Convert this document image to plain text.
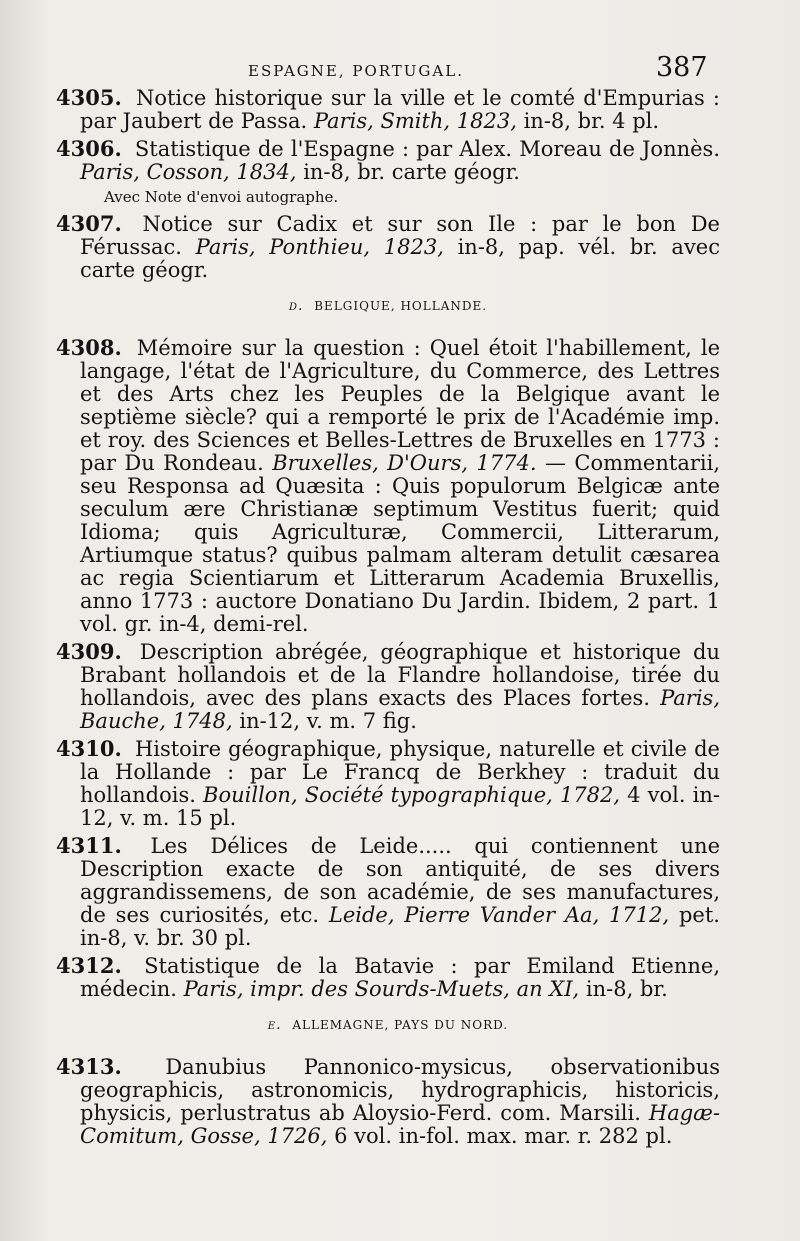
ESPAGNE, PORTUGAL.	387

4305. Notice historique sur la ville et le comté d'Empurias : par Jaubert de Passa. Paris, Smith, 1823, in-8, br. 4 pl.

4306. Statistique de l'Espagne : par Alex. Moreau de Jonnès. Paris, Cosson, 1834, in-8, br. carte géogr.

Avec Note d'envoi autographe.

4307. Notice sur Cadix et sur son Ile : par le bon De Férussac. Paris, Ponthieu, 1823, in-8, pap. vél. br. avec carte géogr.

d. BELGIQUE, HOLLANDE.

4308. Mémoire sur la question : Quel étoit l'habillement, le langage, l'état de l'Agriculture, du Commerce, des Lettres et des Arts chez les Peuples de la Belgique avant le septième siècle? qui a remporté le prix de l'Académie imp. et roy. des Sciences et Belles-Lettres de Bruxelles en 1773 : par Du Rondeau. Bruxelles, D'Ours, 1774. — Commentarii, seu Responsa ad Quæsita : Quis populorum Belgicæ ante seculum ære Christianæ septimum Vestitus fuerit; quid Idioma; quis Agriculturæ, Commercii, Litterarum, Artiumque status? quibus palmam alteram detulit cæsarea ac regia Scientiarum et Litterarum Academia Bruxellis, anno 1773 : auctore Donatiano Du Jardin. Ibidem, 2 part. 1 vol. gr. in-4, demi-rel.

4309. Description abrégée, géographique et historique du Brabant hollandois et de la Flandre hollandoise, tirée du hollandois, avec des plans exacts des Places fortes. Paris, Bauche, 1748, in-12, v. m. 7 fig.

4310. Histoire géographique, physique, naturelle et civile de la Hollande : par Le Francq de Berkhey : traduit du hollandois. Bouillon, Société typographique, 1782, 4 vol. in-12, v. m. 15 pl.

4311. Les Délices de Leide..... qui contiennent une Description exacte de son antiquité, de ses divers aggrandissemens, de son académie, de ses manufactures, de ses curiosités, etc. Leide, Pierre Vander Aa, 1712, pet. in-8, v. br. 30 pl.

4312. Statistique de la Batavie : par Emiland Etienne, médecin. Paris, impr. des Sourds-Muets, an XI, in-8, br.

e. ALLEMAGNE, PAYS DU NORD.

4313. Danubius Pannonico-mysicus, observationibus geographicis, astronomicis, hydrographicis, historicis, physicis, perlustratus ab Aloysio-Ferd. com. Marsili. Hagæ-Comitum, Gosse, 1726, 6 vol. in-fol. max. mar. r. 282 pl.
